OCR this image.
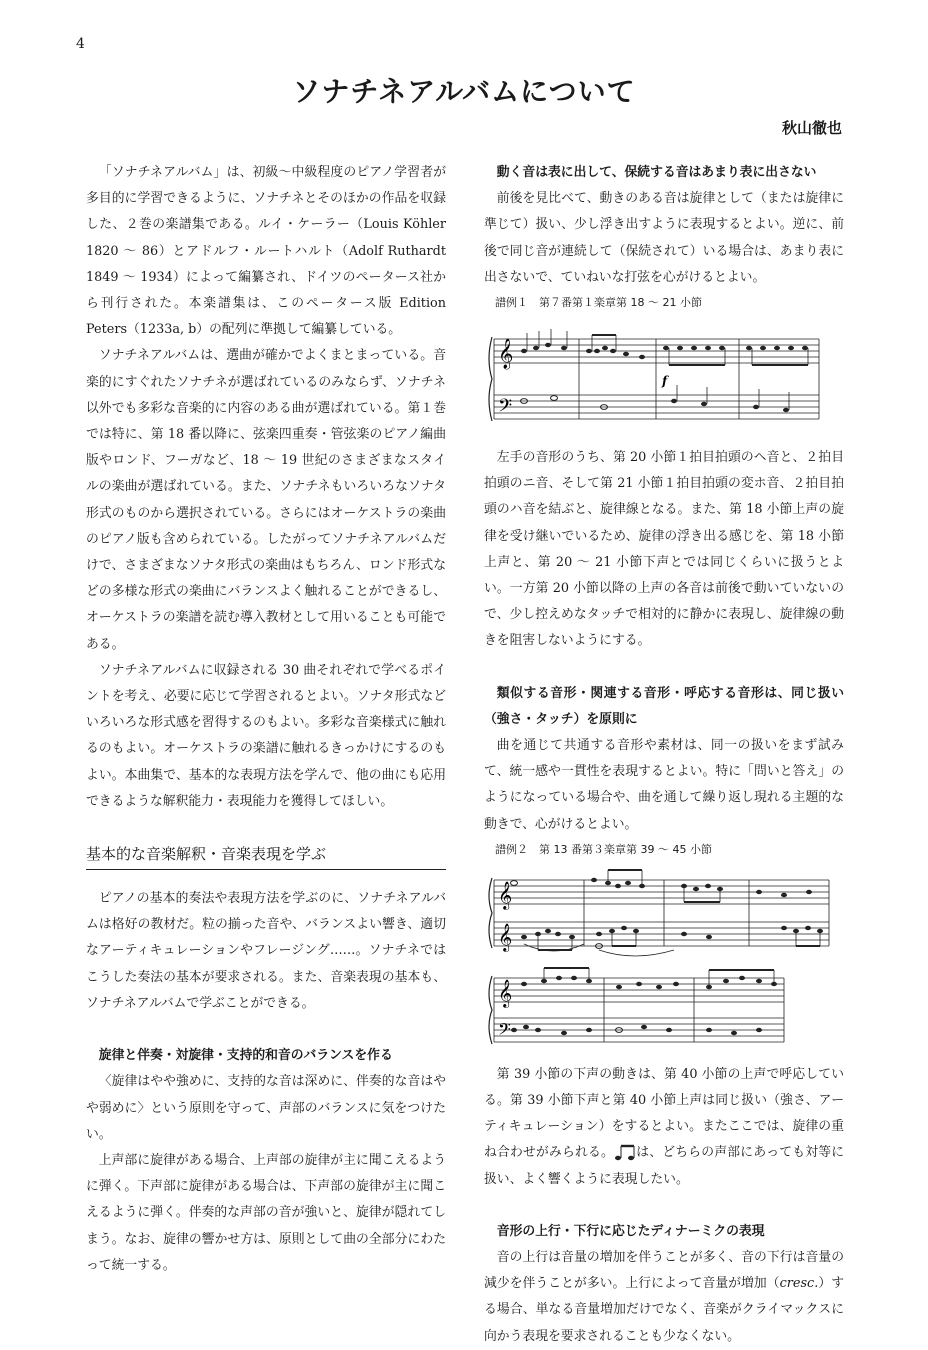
4
ソナチネアルバムについて
秋山徹也

「ソナチネアルバム」は、初級〜中級程度のピアノ学習者が多目的に学習できるように、ソナチネとそのほかの作品を収録した、２巻の楽譜集である。ルイ・ケーラー（Louis Köhler 1820 〜 86）とアドルフ・ルートハルト（Adolf Ruthardt 1849 〜 1934）によって編纂され、ドイツのペータース社から刊行された。本楽譜集は、このペータース版 Edition Peters（1233a, b）の配列に準拠して編纂している。

ソナチネアルバムは、選曲が確かでよくまとまっている。音楽的にすぐれたソナチネが選ばれているのみならず、ソナチネ以外でも多彩な音楽的に内容のある曲が選ばれている。第１巻では特に、第 18 番以降に、弦楽四重奏・管弦楽のピアノ編曲版やロンド、フーガなど、18 〜 19 世紀のさまざまなスタイルの楽曲が選ばれている。また、ソナチネもいろいろなソナタ形式のものから選択されている。さらにはオーケストラの楽曲のピアノ版も含められている。したがってソナチネアルバムだけで、さまざまなソナタ形式の楽曲はもちろん、ロンド形式などの多様な形式の楽曲にバランスよく触れることができるし、オーケストラの楽譜を読む導入教材として用いることも可能である。

ソナチネアルバムに収録される 30 曲それぞれで学べるポイントを考え、必要に応じて学習されるとよい。ソナタ形式などいろいろな形式感を習得するのもよい。多彩な音楽様式に触れるのもよい。オーケストラの楽譜に触れるきっかけにするのもよい。本曲集で、基本的な表現方法を学んで、他の曲にも応用できるような解釈能力・表現能力を獲得してほしい。

基本的な音楽解釈・音楽表現を学ぶ

ピアノの基本的奏法や表現方法を学ぶのに、ソナチネアルバムは格好の教材だ。粒の揃った音や、バランスよい響き、適切なアーティキュレーションやフレージング……。ソナチネではこうした奏法の基本が要求される。また、音楽表現の基本も、ソナチネアルバムで学ぶことができる。

旋律と伴奏・対旋律・支持的和音のバランスを作る

〈旋律はやや強めに、支持的な音は深めに、伴奏的な音はやや弱めに〉という原則を守って、声部のバランスに気をつけたい。

上声部に旋律がある場合、上声部の旋律が主に聞こえるように弾く。下声部に旋律がある場合は、下声部の旋律が主に聞こえるように弾く。伴奏的な声部の音が強いと、旋律が隠れてしまう。なお、旋律の響かせ方は、原則として曲の全部分にわたって統一する。

動く音は表に出して、保続する音はあまり表に出さない

前後を見比べて、動きのある音は旋律として（または旋律に準じて）扱い、少し浮き出すように表現するとよい。逆に、前後で同じ音が連続して（保続されて）いる場合は、あまり表に出さないで、ていねいな打弦を心がけるとよい。

譜例１　第７番第１楽章第 18 〜 21 小節

𝄞
𝄢
f

左手の音形のうち、第 20 小節１拍目拍頭のヘ音と、２拍目拍頭のニ音、そして第 21 小節１拍目拍頭の変ホ音、２拍目拍頭のハ音を結ぶと、旋律線となる。また、第 18 小節上声の旋律を受け継いでいるため、旋律の浮き出る感じを、第 18 小節上声と、第 20 〜 21 小節下声とでは同じくらいに扱うとよい。一方第 20 小節以降の上声の各音は前後で動いていないので、少し控えめなタッチで相対的に静かに表現し、旋律線の動きを阻害しないようにする。

類似する音形・関連する音形・呼応する音形は、同じ扱い（強さ・タッチ）を原則に

曲を通じて共通する音形や素材は、同一の扱いをまず試みて、統一感や一貫性を表現するとよい。特に「問いと答え」のようになっている場合や、曲を通して繰り返し現れる主題的な動きで、心がけるとよい。

譜例２　第 13 番第３楽章第 39 〜 45 小節

𝄞
𝄞
𝄞
𝄢

第 39 小節の下声の動きは、第 40 小節の上声で呼応している。第 39 小節下声と第 40 小節上声は同じ扱い（強さ、アーティキュレーション）をするとよい。またここでは、旋律の重ね合わせがみられる。 は、どちらの声部にあっても対等に扱い、よく響くように表現したい。

音形の上行・下行に応じたディナーミクの表現

音の上行は音量の増加を伴うことが多く、音の下行は音量の減少を伴うことが多い。上行によって音量が増加（cresc.）する場合、単なる音量増加だけでなく、音楽がクライマックスに向かう表現を要求されることも少なくない。
